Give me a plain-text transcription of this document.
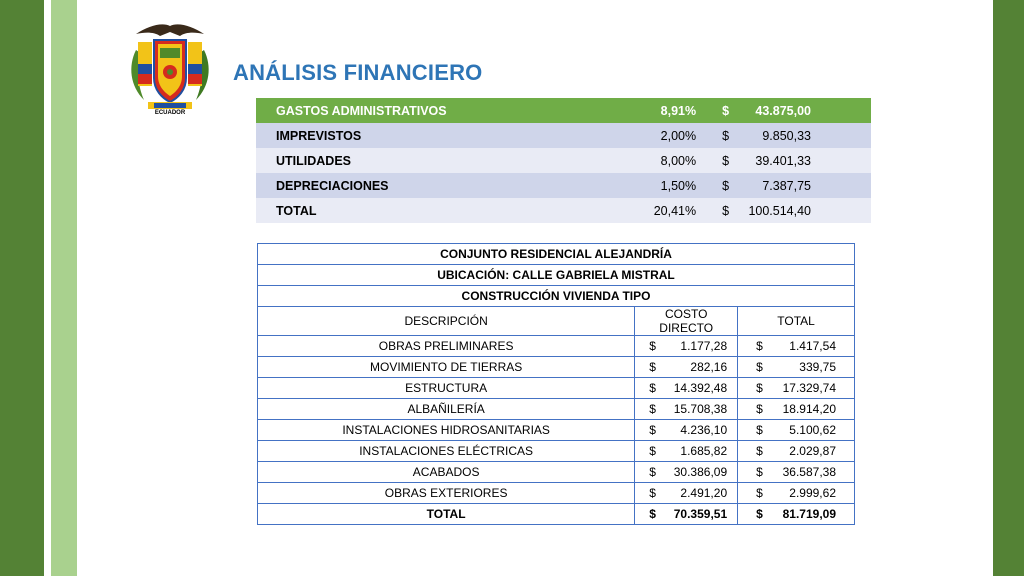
ECUADOR
ANÁLISIS FINANCIERO
GASTOS ADMINISTRATIVOS	8,91%	$	43.875,00
IMPREVISTOS	2,00%	$	9.850,33
UTILIDADES	8,00%	$	39.401,33
DEPRECIACIONES	1,50%	$	7.387,75
TOTAL	20,41%	$	100.514,40
CONJUNTO RESIDENCIAL ALEJANDRÍA		
UBICACIÓN: CALLE GABRIELA MISTRAL		
CONSTRUCCIÓN VIVIENDA TIPO		
DESCRIPCIÓN	COSTO DIRECTO	TOTAL
OBRAS PRELIMINARES	$ 1.177,28	$ 1.417,54

MOVIMIENTO DE TIERRAS	$ 282,16	$ 339,75

ESTRUCTURA	$ 14.392,48	$ 17.329,74

ALBAÑILERÍA	$ 15.708,38	$ 18.914,20

INSTALACIONES HIDROSANITARIAS	$ 4.236,10	$ 5.100,62

INSTALACIONES ELÉCTRICAS	$ 1.685,82	$ 2.029,87

ACABADOS	$ 30.386,09	$ 36.587,38

OBRAS EXTERIORES	$ 2.491,20	$ 2.999,62

TOTAL	$ 70.359,51	$ 81.719,09
